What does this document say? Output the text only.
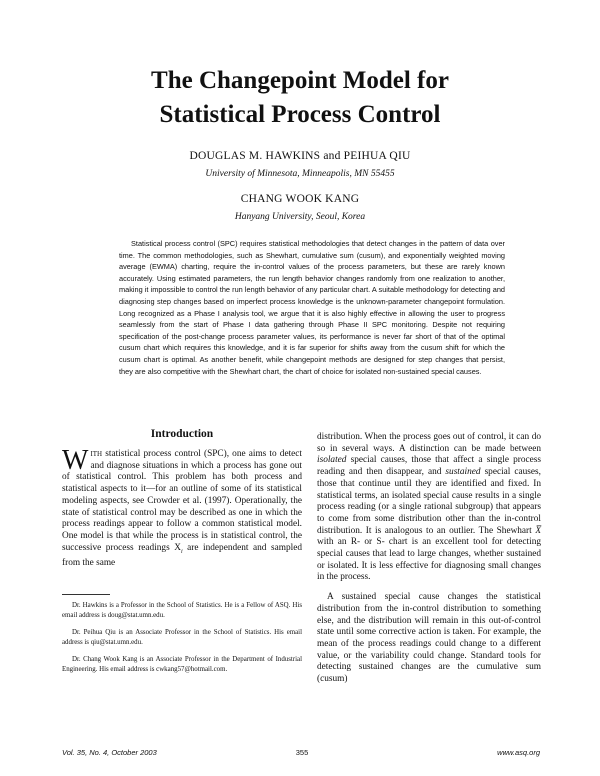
The Changepoint Model for
Statistical Process Control
DOUGLAS M. HAWKINS and PEIHUA QIU
University of Minnesota, Minneapolis, MN 55455
CHANG WOOK KANG
Hanyang University, Seoul, Korea
Statistical process control (SPC) requires statistical methodologies that detect changes in the pattern of data over time. The common methodologies, such as Shewhart, cumulative sum (cusum), and exponentially weighted moving average (EWMA) charting, require the in-control values of the process parameters, but these are rarely known accurately. Using estimated parameters, the run length behavior changes randomly from one realization to another, making it impossible to control the run length behavior of any particular chart. A suitable methodology for detecting and diagnosing step changes based on imperfect process knowledge is the unknown-parameter changepoint formulation. Long recognized as a Phase I analysis tool, we argue that it is also highly effective in allowing the user to progress seamlessly from the start of Phase I data gathering through Phase II SPC monitoring. Despite not requiring specification of the post-change process parameter values, its performance is never far short of that of the optimal cusum chart which requires this knowledge, and it is far superior for shifts away from the cusum shift for which the cusum chart is optimal. As another benefit, while changepoint methods are designed for step changes that persist, they are also competitive with the Shewhart chart, the chart of choice for isolated non-sustained special causes.
Introduction

With statistical process control (SPC), one aims to detect and diagnose situations in which a process has gone out of statistical control. This problem has both process and statistical aspects to it—for an outline of some of its statistical modeling aspects, see Crowder et al. (1997). Operationally, the state of statistical control may be described as one in which the process readings appear to follow a common statistical model. One model is that while the process is in statistical control, the successive process readings $X_i$ are independent and sampled from the same

Dr. Hawkins is a Professor in the School of Statistics. He is a Fellow of ASQ. His email address is doug@stat.umn.edu.

Dr. Peihua Qiu is an Associate Professor in the School of Statistics. His email address is qiu@stat.umn.edu.

Dr. Chang Wook Kang is an Associate Professor in the Department of Industrial Engineering. His email address is cwkang57@hotmail.com.

distribution. When the process goes out of control, it can do so in several ways. A distinction can be made between isolated special causes, those that affect a single process reading and then disappear, and sustained special causes, those that continue until they are identified and fixed. In statistical terms, an isolated special cause results in a single process reading (or a single rational subgroup) that appears to come from some distribution other than the in-control distribution. It is analogous to an outlier. The Shewhart X̅ with an R- or S- chart is an excellent tool for detecting special causes that lead to large changes, whether sustained or isolated. It is less effective for diagnosing small changes in the process.

A sustained special cause changes the statistical distribution from the in-control distribution to something else, and the distribution will remain in this out-of-control state until some corrective action is taken. For example, the mean of the process readings could change to a different value, or the variability could change. Standard tools for detecting sustained changes are the cumulative sum (cusum)

Vol. 35, No. 4, October 2003	355	www.asq.org
